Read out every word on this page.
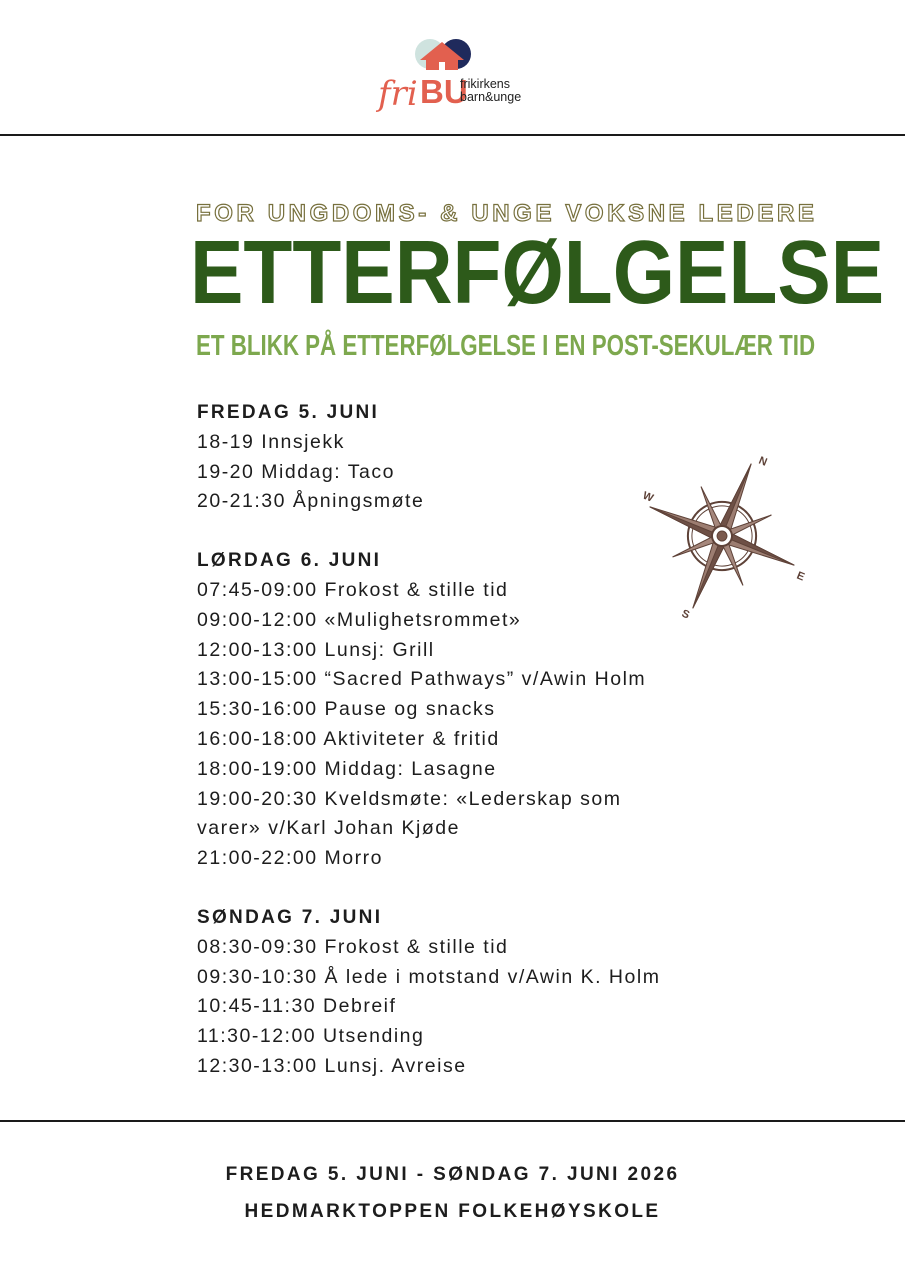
fri BU
frikirkens
barn&unge
FOR UNGDOMS- & UNGE VOKSNE LEDERE
ETTERFØLGELSE
ET BLIKK PÅ ETTERFØLGELSE I EN POST-SEKULÆR TID
FREDAG 5. JUNI
18-19 Innsjekk
19-20 Middag: Taco
20-21:30 Åpningsmøte
LØRDAG 6. JUNI
07:45-09:00 Frokost & stille tid
09:00-12:00 «Mulighetsrommet»
12:00-13:00 Lunsj: Grill
13:00-15:00 “Sacred Pathways” v/Awin Holm
15:30-16:00 Pause og snacks
16:00-18:00 Aktiviteter & fritid
18:00-19:00 Middag: Lasagne
19:00-20:30 Kveldsmøte: «Lederskap som
varer» v/Karl Johan Kjøde
21:00-22:00 Morro
SØNDAG 7. JUNI
08:30-09:30 Frokost & stille tid
09:30-10:30 Å lede i motstand v/Awin K. Holm
10:45-11:30 Debreif
11:30-12:00 Utsending
12:30-13:00 Lunsj. Avreise
N
E
S
W
FREDAG 5. JUNI - SØNDAG 7. JUNI 2026
HEDMARKTOPPEN FOLKEHØYSKOLE
